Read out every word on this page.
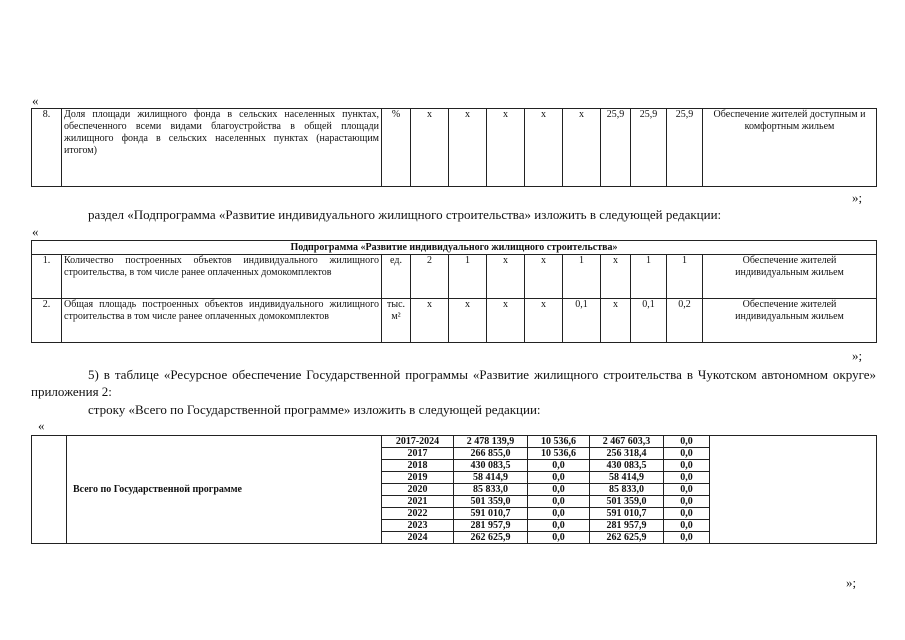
«
8.	Доля площади жилищного фонда в сельских населенных пунктах, обеспеченного всеми видами благоустройства в общей площади жилищного фонда в сельских населенных пунктах (нарастающим итогом)	%	х	х	х	х	х	25,9	25,9	25,9	Обеспечение жителей доступным и комфортным жильем
»;
раздел «Подпрограмма «Развитие индивидуального жилищного строительства» изложить в следующей редакции:
«
Подпрограмма «Развитие индивидуального жилищного строительства»											
1.	Количество построенных объектов индивидуального жилищного строительства, в том числе ранее оплаченных домокомплектов	ед.	2	1	х	х	1	х	1	1	Обеспечение жителей индивидуальным жильем
2.	Общая площадь построенных объектов индивидуального жилищного строительства в том числе ранее оплаченных домокомплектов	тыс. м²	х	х	х	х	0,1	х	0,1	0,2	Обеспечение жителей индивидуальным жильем
»;
5) в таблице «Ресурсное обеспечение Государственной программы «Развитие жилищного строительства в Чукотском автономном округе» приложения 2:
строку «Всего по Государственной программе» изложить в следующей редакции:
«
	Всего по Государственной программе	2017-2024	2 478 139,9	10 536,6	2 467 603,3	0,0	
		2017	266 855,0	10 536,6	256 318,4	0,0	
		2018	430 083,5	0,0	430 083,5	0,0	
		2019	58 414,9	0,0	58 414,9	0,0	
		2020	85 833,0	0,0	85 833,0	0,0	
		2021	501 359,0	0,0	501 359,0	0,0	
		2022	591 010,7	0,0	591 010,7	0,0	
		2023	281 957,9	0,0	281 957,9	0,0	
		2024	262 625,9	0,0	262 625,9	0,0	
»;
